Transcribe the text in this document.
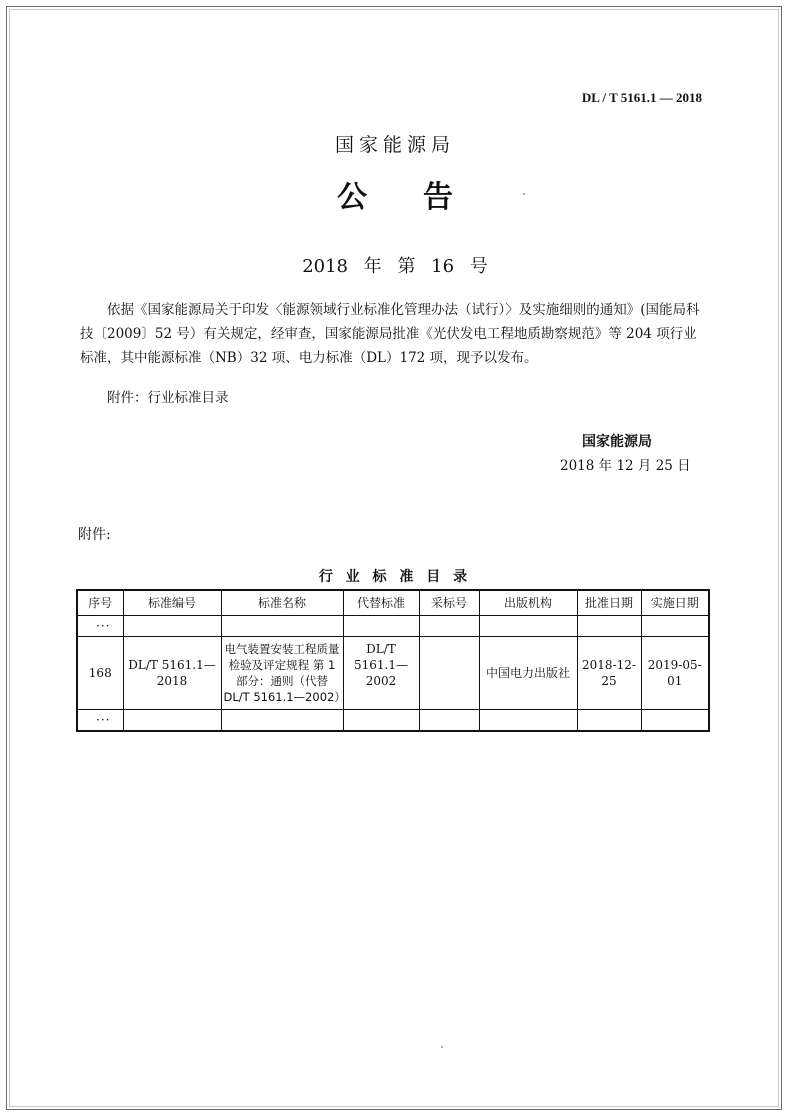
DL / T 5161.1 — 2018
国家能源局
公告
2018 年 第 16 号
依据《国家能源局关于印发〈能源领域行业标准化管理办法（试行）〉及实施细则的通知》(国能局科技〔2009〕52 号）有关规定，经审查，国家能源局批准《光伏发电工程地质勘察规范》等 204 项行业标准，其中能源标准（NB）32 项、电力标准（DL）172 项，现予以发布。
附件：行业标准目录
国家能源局
2018 年 12 月 25 日
附件:
行 业 标 准 目 录
序号	标准编号	标准名称	代替标准	采标号	出版机构	批准日期	实施日期

···							

168	DL/T 5161.1—2018	电气装置安装工程质量检验及评定规程 第 1 部分：通则（代替 DL/T 5161.1—2002）	DL/T 5161.1—2002		中国电力出版社	2018-12-25	2019-05-01

···							
